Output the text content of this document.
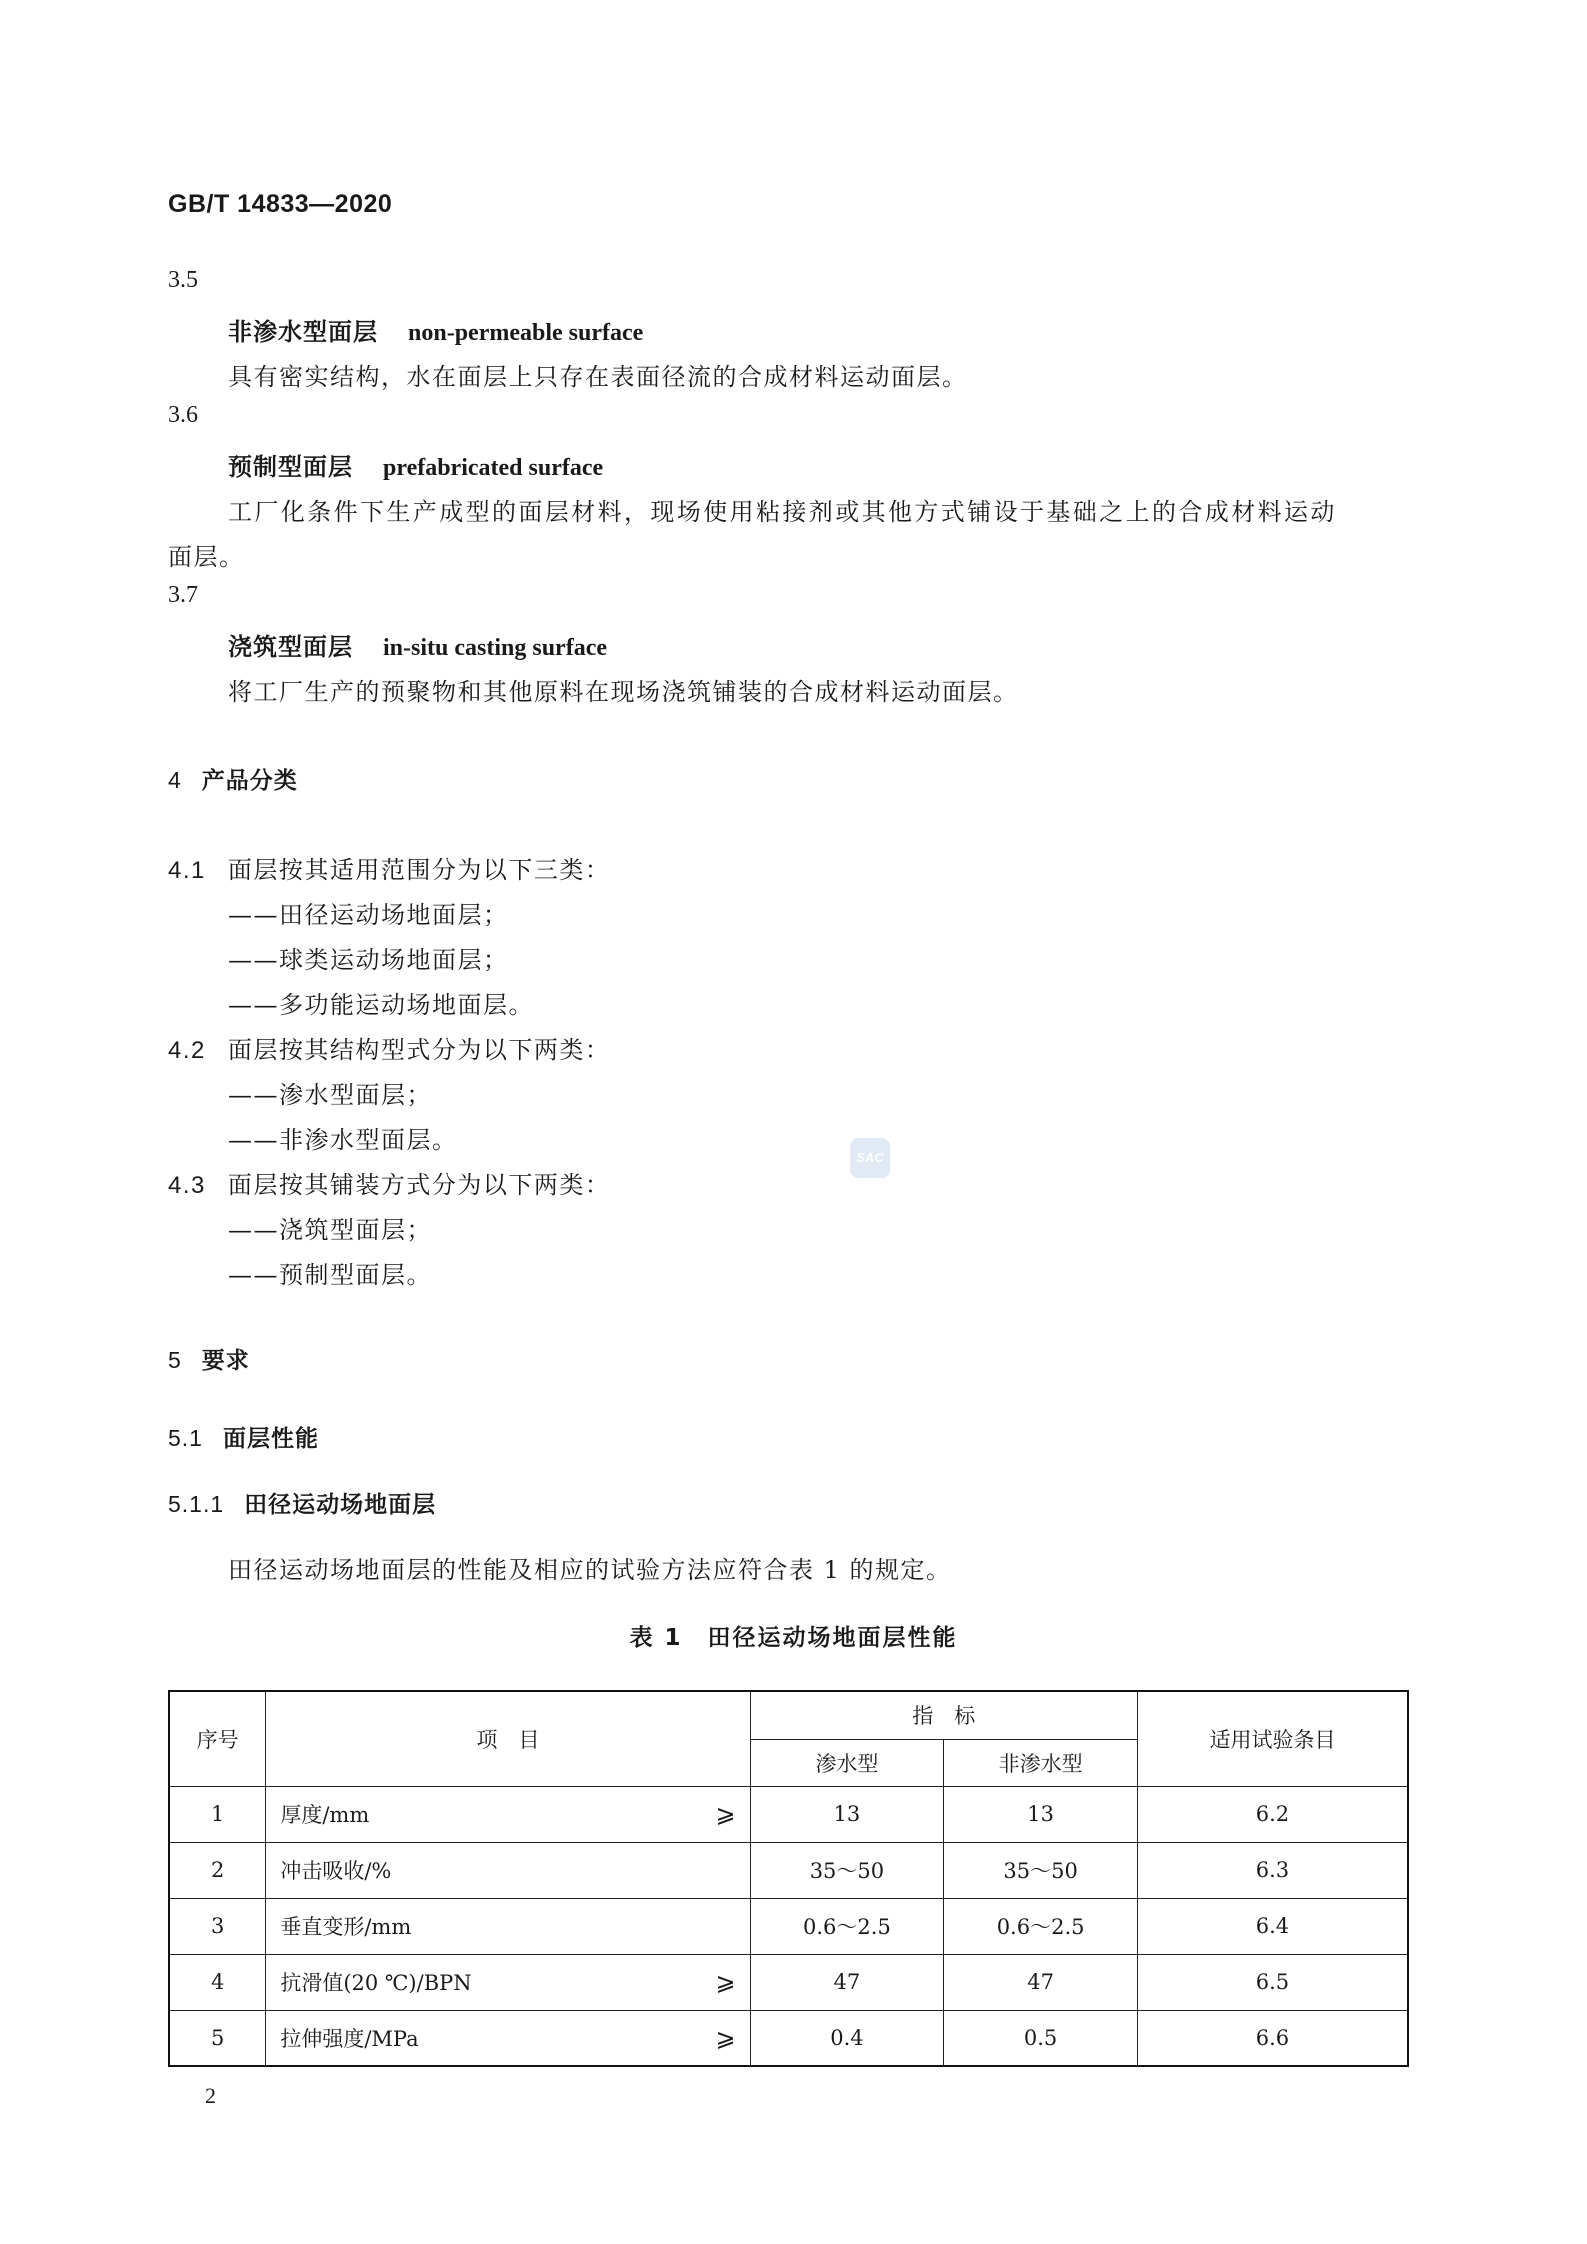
GB/T 14833—2020
3.5
非渗水型面层 non-permeable surface
具有密实结构，水在面层上只存在表面径流的合成材料运动面层。
3.6
预制型面层 prefabricated surface
工厂化条件下生产成型的面层材料，现场使用粘接剂或其他方式铺设于基础之上的合成材料运动
面层。
3.7
浇筑型面层 in-situ casting surface
将工厂生产的预聚物和其他原料在现场浇筑铺装的合成材料运动面层。
4 产品分类
4.1 面层按其适用范围分为以下三类：
——田径运动场地面层；
——球类运动场地面层；
——多功能运动场地面层。
4.2 面层按其结构型式分为以下两类：
——渗水型面层；
——非渗水型面层。
4.3 面层按其铺装方式分为以下两类：
——浇筑型面层；
——预制型面层。
SAC
5 要求
5.1 面层性能
5.1.1 田径运动场地面层
田径运动场地面层的性能及相应的试验方法应符合表 1 的规定。
表 1　田径运动场地面层性能
序号	项　目	指　标		适用试验条目
		渗水型	非渗水型	
1	厚度/mm ⩾	13	13	6.2
2	冲击吸收/%	35～50	35～50	6.3
3	垂直变形/mm	0.6～2.5	0.6～2.5	6.4
4	抗滑值(20 ℃)/BPN ⩾	47	47	6.5
5	拉伸强度/MPa ⩾	0.4	0.5	6.6
2
